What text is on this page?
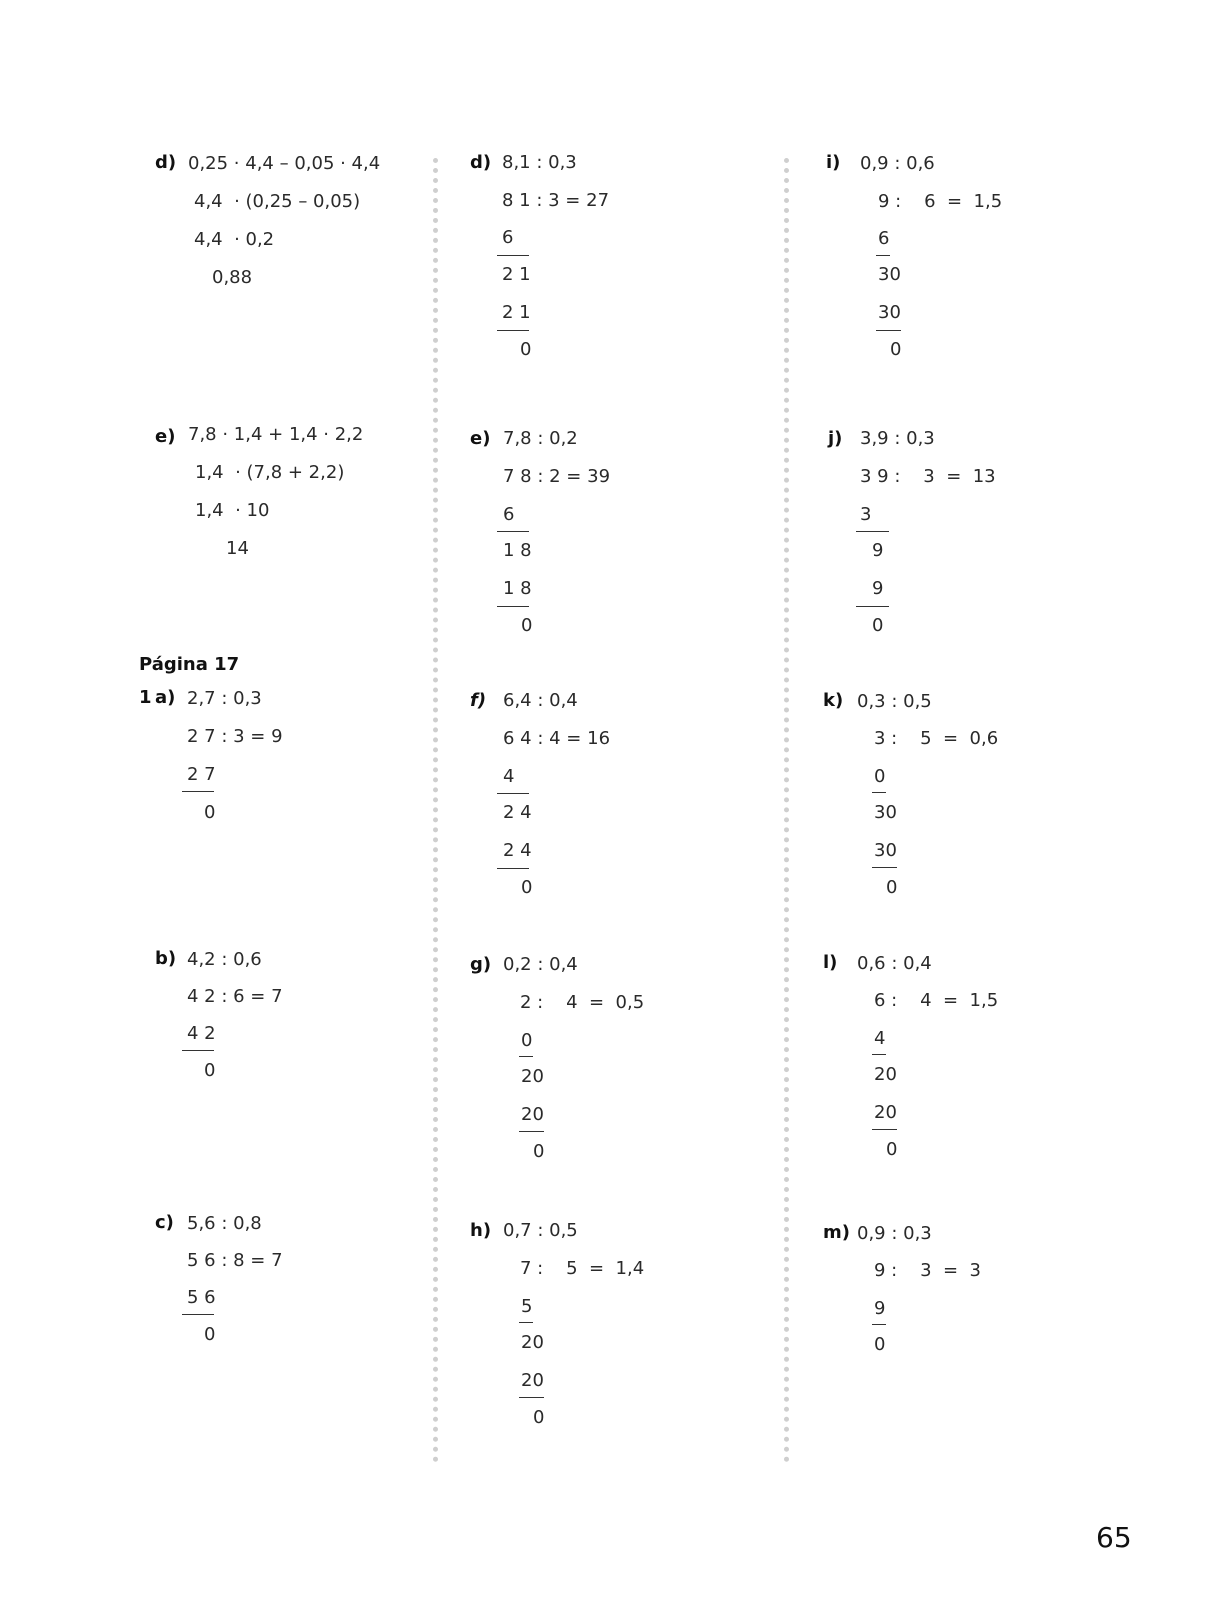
d) 0,25 · 4,4 – 0,05 · 4,4
4,4  · (0,25 – 0,05)
4,4  · 0,2
0,88
e) 7,8 · 1,4 + 1,4 · 2,2
1,4  · (7,8 + 2,2)
1,4  · 10
14
Página 17
1 a) 2,7 : 0,3
2 7 : 3 = 9
2 7
0
b) 4,2 : 0,6
4 2 : 6 = 7
4 2
0
c) 5,6 : 0,8
5 6 : 8 = 7
5 6
0
d) 8,1 : 0,3
8 1 : 3 = 27
6
2 1
2 1
0
e) 7,8 : 0,2
7 8 : 2 = 39
6
1 8
1 8
0
f) 6,4 : 0,4
6 4 : 4 = 16
4
2 4
2 4
0
g) 0,2 : 0,4
2 :    4  =  0,5
0
20
20
0
h) 0,7 : 0,5
7 :    5  =  1,4
5
20
20
0
i) 0,9 : 0,6
9 :    6  =  1,5
6
30
30
0
j) 3,9 : 0,3
3 9 :    3  =  13
3
9
9
0
k) 0,3 : 0,5
3 :    5  =  0,6
0
30
30
0
l) 0,6 : 0,4
6 :    4  =  1,5
4
20
20
0
m) 0,9 : 0,3
9 :    3  =  3
9
0
65
